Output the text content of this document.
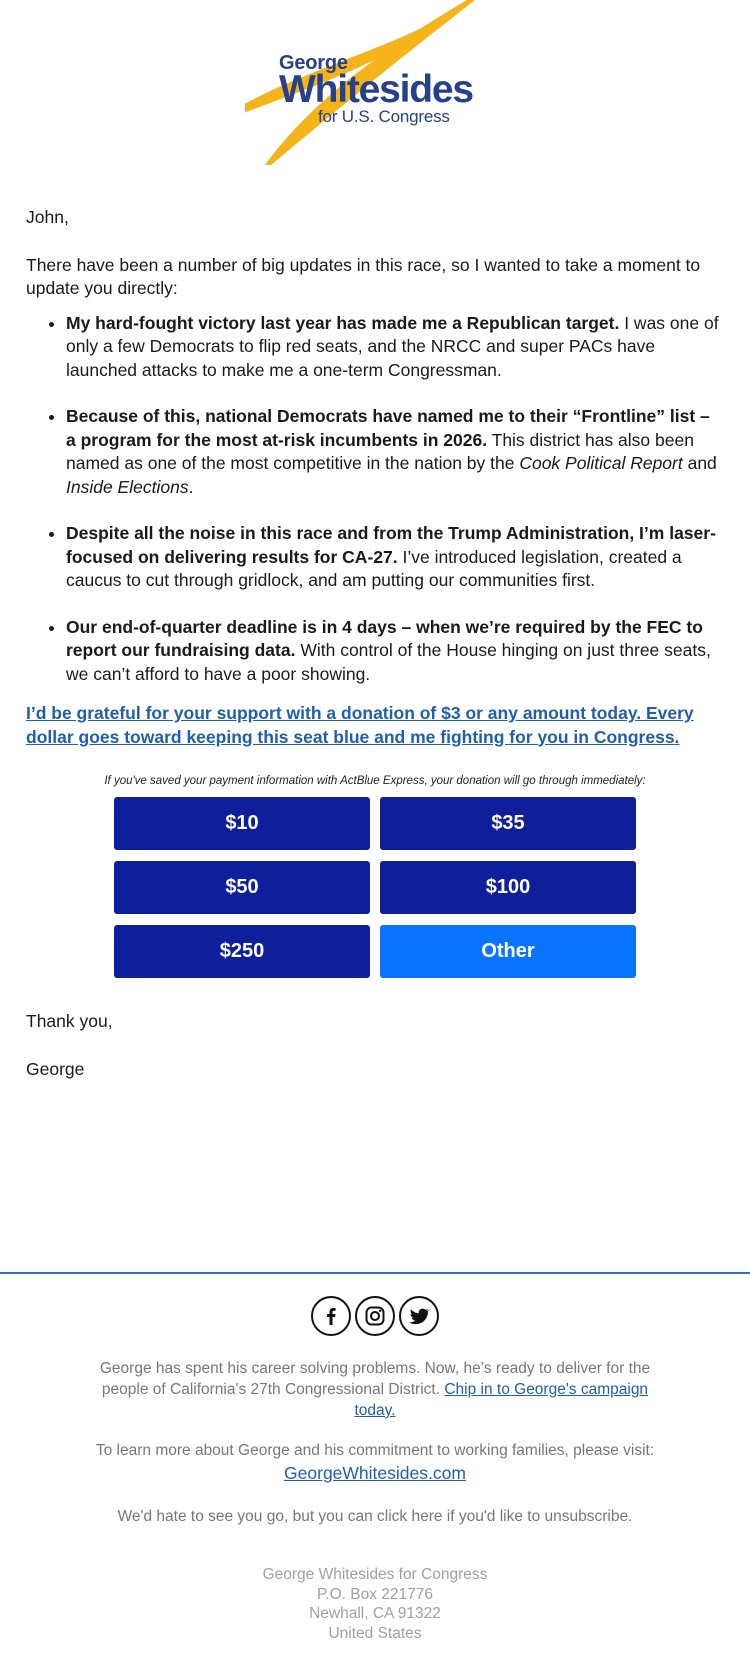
George
Whitesides
for U.S. Congress

John,

There have been a number of big updates in this race, so I wanted to take a moment to update you directly:

• My hard-fought victory last year has made me a Republican target. I was one of only a few Democrats to flip red seats, and the NRCC and super PACs have launched attacks to make me a one-term Congressman.
• Because of this, national Democrats have named me to their “Frontline” list – a program for the most at-risk incumbents in 2026. This district has also been named as one of the most competitive in the nation by the Cook Political Report and Inside Elections.
• Despite all the noise in this race and from the Trump Administration, I’m laser-focused on delivering results for CA-27. I’ve introduced legislation, created a caucus to cut through gridlock, and am putting our communities first.
• Our end-of-quarter deadline is in 4 days – when we’re required by the FEC to report our fundraising data. With control of the House hinging on just three seats, we can’t afford to have a poor showing.
I’d be grateful for your support with a donation of $3 or any amount today. Every dollar goes toward keeping this seat blue and me fighting for you in Congress.

If you've saved your payment information with ActBlue Express, your donation will go through immediately:

$10	$35
$50	$100
$250	Other

Thank you,

George

George has spent his career solving problems. Now, he’s ready to deliver for the people of California's 27th Congressional District. Chip in to George's campaign today.

To learn more about George and his commitment to working families, please visit:
GeorgeWhitesides.com

We'd hate to see you go, but you can click here if you'd like to unsubscribe.

George Whitesides for Congress
P.O. Box 221776
Newhall, CA 91322
United States
